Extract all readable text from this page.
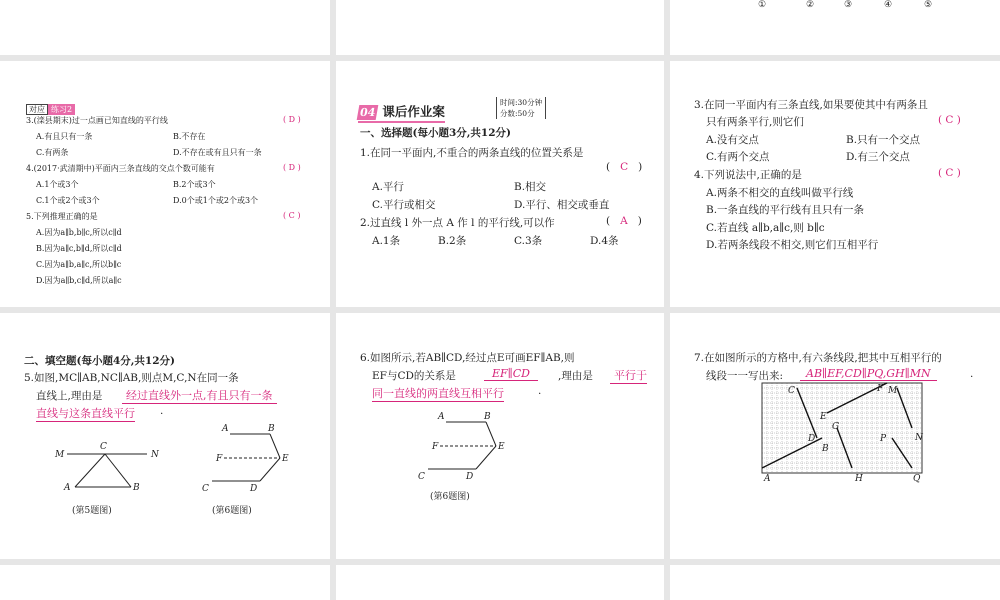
①	②	③	④	⑤
对应 练习2
3.(滦县期末)过一点画已知直线的平行线	( D )
A.有且只有一条	B.不存在
C.有两条	D.不存在或有且只有一条
4.(2017·武清期中)平面内三条直线的交点个数可能有	( D )
A.1个或3个	B.2个或3个
C.1个或2个或3个	D.0个或1个或2个或3个
5.下列推理正确的是	( C )
A.因为a∥b,b∥c,所以c∥d
B.因为a∥c,b∥d,所以c∥d
C.因为a∥b,a∥c,所以b∥c
D.因为a∥b,c∥d,所以a∥c
04 课后作业案
时间:30分钟
分数:50分
一、选择题(每小题3分,共12分)
1.在同一平面内,不重合的两条直线的位置关系是
( C )
A.平行	B.相交
C.平行或相交	D.平行、相交或垂直
2.过直线 l 外一点 A 作 l 的平行线,可以作	( A )
A.1条	B.2条	C.3条	D.4条
3.在同一平面内有三条直线,如果要使其中有两条且
只有两条平行,则它们	( C )
A.没有交点	B.只有一个交点
C.有两个交点	D.有三个交点
4.下列说法中,正确的是	( C )
A.两条不相交的直线叫做平行线
B.一条直线的平行线有且只有一条
C.若直线 a∥b,a∥c,则 b∥c
D.若两条线段不相交,则它们互相平行
二、填空题(每小题4分,共12分)
5.如图,MC∥AB,NC∥AB,则点M,C,N在同一条
直线上,理由是	经过直线外一点,有且只有一条
直线与这条直线平行 .
M
C
N
A	B
(第5题图)
A	B
F	E
C	D
(第6题图)
6.如图所示,若AB∥CD,经过点E可画EF∥AB,则
EF与CD的关系是	EF∥CD	,理由是	平行于
同一直线的两直线互相平行	.
A	B
F	E
C	D
(第6题图)
7.在如图所示的方格中,有六条线段,把其中互相平行的
线段一一写出来:	AB∥EF,CD∥PQ,GH∥MN	.
C	F M
E
G
D	P	N
B
A	H	Q
